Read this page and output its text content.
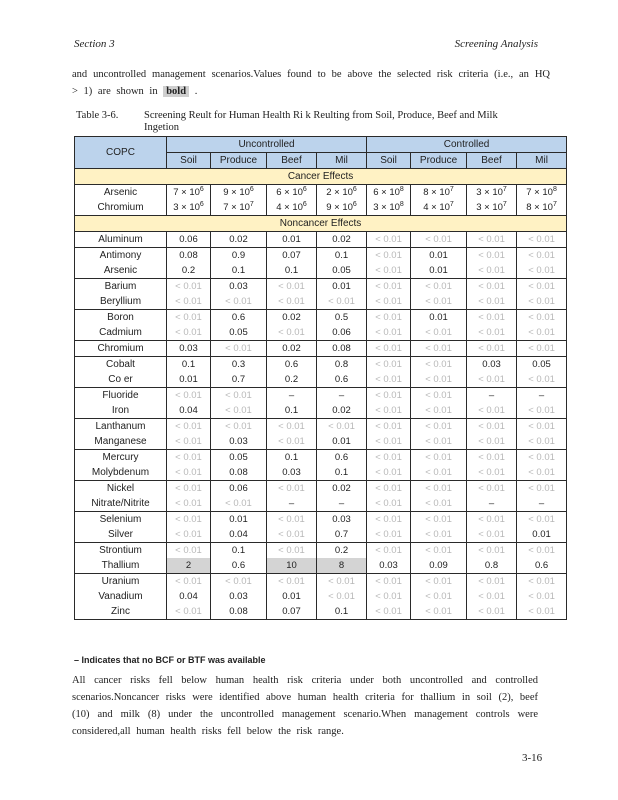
Section 3	Screening Analysis
and uncontrolled management scenarios.Values found to be above the selected risk criteria (i.e., an HQ > 1) are shown in bold .
Table 3-6. Screening Reult for Human Health Ri k Reulting from Soil, Produce, Beef and Milk Ingetion
COPC	Uncontrolled				Controlled			
	Soil	Produce	Beef	Mil	Soil	Produce	Beef	Mil
Cancer Effects								
Arsenic	$7 \times 10^6$	$9 \times 10^6$	$6 \times 10^6$	$2 \times 10^6$	$6 \times 10^8$	$8 \times 10^7$	$3 \times 10^7$	$7 \times 10^8$
Chromium	$3 \times 10^6$	$7 \times 10^7$	$4 \times 10^6$	$9 \times 10^6$	$3 \times 10^8$	$4 \times 10^7$	$3 \times 10^7$	$8 \times 10^7$
Noncancer Effects								
Aluminum	0.06	0.02	0.01	0.02	< 0.01	< 0.01	< 0.01	< 0.01
Antimony	0.08	0.9	0.07	0.1	< 0.01	0.01	< 0.01	< 0.01
Arsenic	0.2	0.1	0.1	0.05	< 0.01	0.01	< 0.01	< 0.01
Barium	< 0.01	0.03	< 0.01	0.01	< 0.01	< 0.01	< 0.01	< 0.01
Beryllium	< 0.01	< 0.01	< 0.01	< 0.01	< 0.01	< 0.01	< 0.01	< 0.01
Boron	< 0.01	0.6	0.02	0.5	< 0.01	0.01	< 0.01	< 0.01
Cadmium	< 0.01	0.05	< 0.01	0.06	< 0.01	< 0.01	< 0.01	< 0.01
Chromium	0.03	< 0.01	0.02	0.08	< 0.01	< 0.01	< 0.01	< 0.01
Cobalt	0.1	0.3	0.6	0.8	< 0.01	< 0.01	0.03	0.05
Co er	0.01	0.7	0.2	0.6	< 0.01	< 0.01	< 0.01	< 0.01
Fluoride	< 0.01	< 0.01	–	–	< 0.01	< 0.01	–	–
Iron	0.04	< 0.01	0.1	0.02	< 0.01	< 0.01	< 0.01	< 0.01
Lanthanum	< 0.01	< 0.01	< 0.01	< 0.01	< 0.01	< 0.01	< 0.01	< 0.01
Manganese	< 0.01	0.03	< 0.01	0.01	< 0.01	< 0.01	< 0.01	< 0.01
Mercury	< 0.01	0.05	0.1	0.6	< 0.01	< 0.01	< 0.01	< 0.01
Molybdenum	< 0.01	0.08	0.03	0.1	< 0.01	< 0.01	< 0.01	< 0.01
Nickel	< 0.01	0.06	< 0.01	0.02	< 0.01	< 0.01	< 0.01	< 0.01
Nitrate/Nitrite	< 0.01	< 0.01	–	–	< 0.01	< 0.01	–	–
Selenium	< 0.01	0.01	< 0.01	0.03	< 0.01	< 0.01	< 0.01	< 0.01
Silver	< 0.01	0.04	< 0.01	0.7	< 0.01	< 0.01	< 0.01	0.01
Strontium	< 0.01	0.1	< 0.01	0.2	< 0.01	< 0.01	< 0.01	< 0.01
Thallium	2	0.6	10	8	0.03	0.09	0.8	0.6
Uranium	< 0.01	< 0.01	< 0.01	< 0.01	< 0.01	< 0.01	< 0.01	< 0.01
Vanadium	0.04	0.03	0.01	< 0.01	< 0.01	< 0.01	< 0.01	< 0.01
Zinc	< 0.01	0.08	0.07	0.1	< 0.01	< 0.01	< 0.01	< 0.01
– Indicates that no BCF or BTF was available
All cancer risks fell below human health risk criteria under both uncontrolled and controlled scenarios.Noncancer risks were identified above human health criteria for thallium in soil (2), beef (10) and milk (8) under the uncontrolled management scenario.When management controls were considered,all human health risks fell below the risk range.
3-16
